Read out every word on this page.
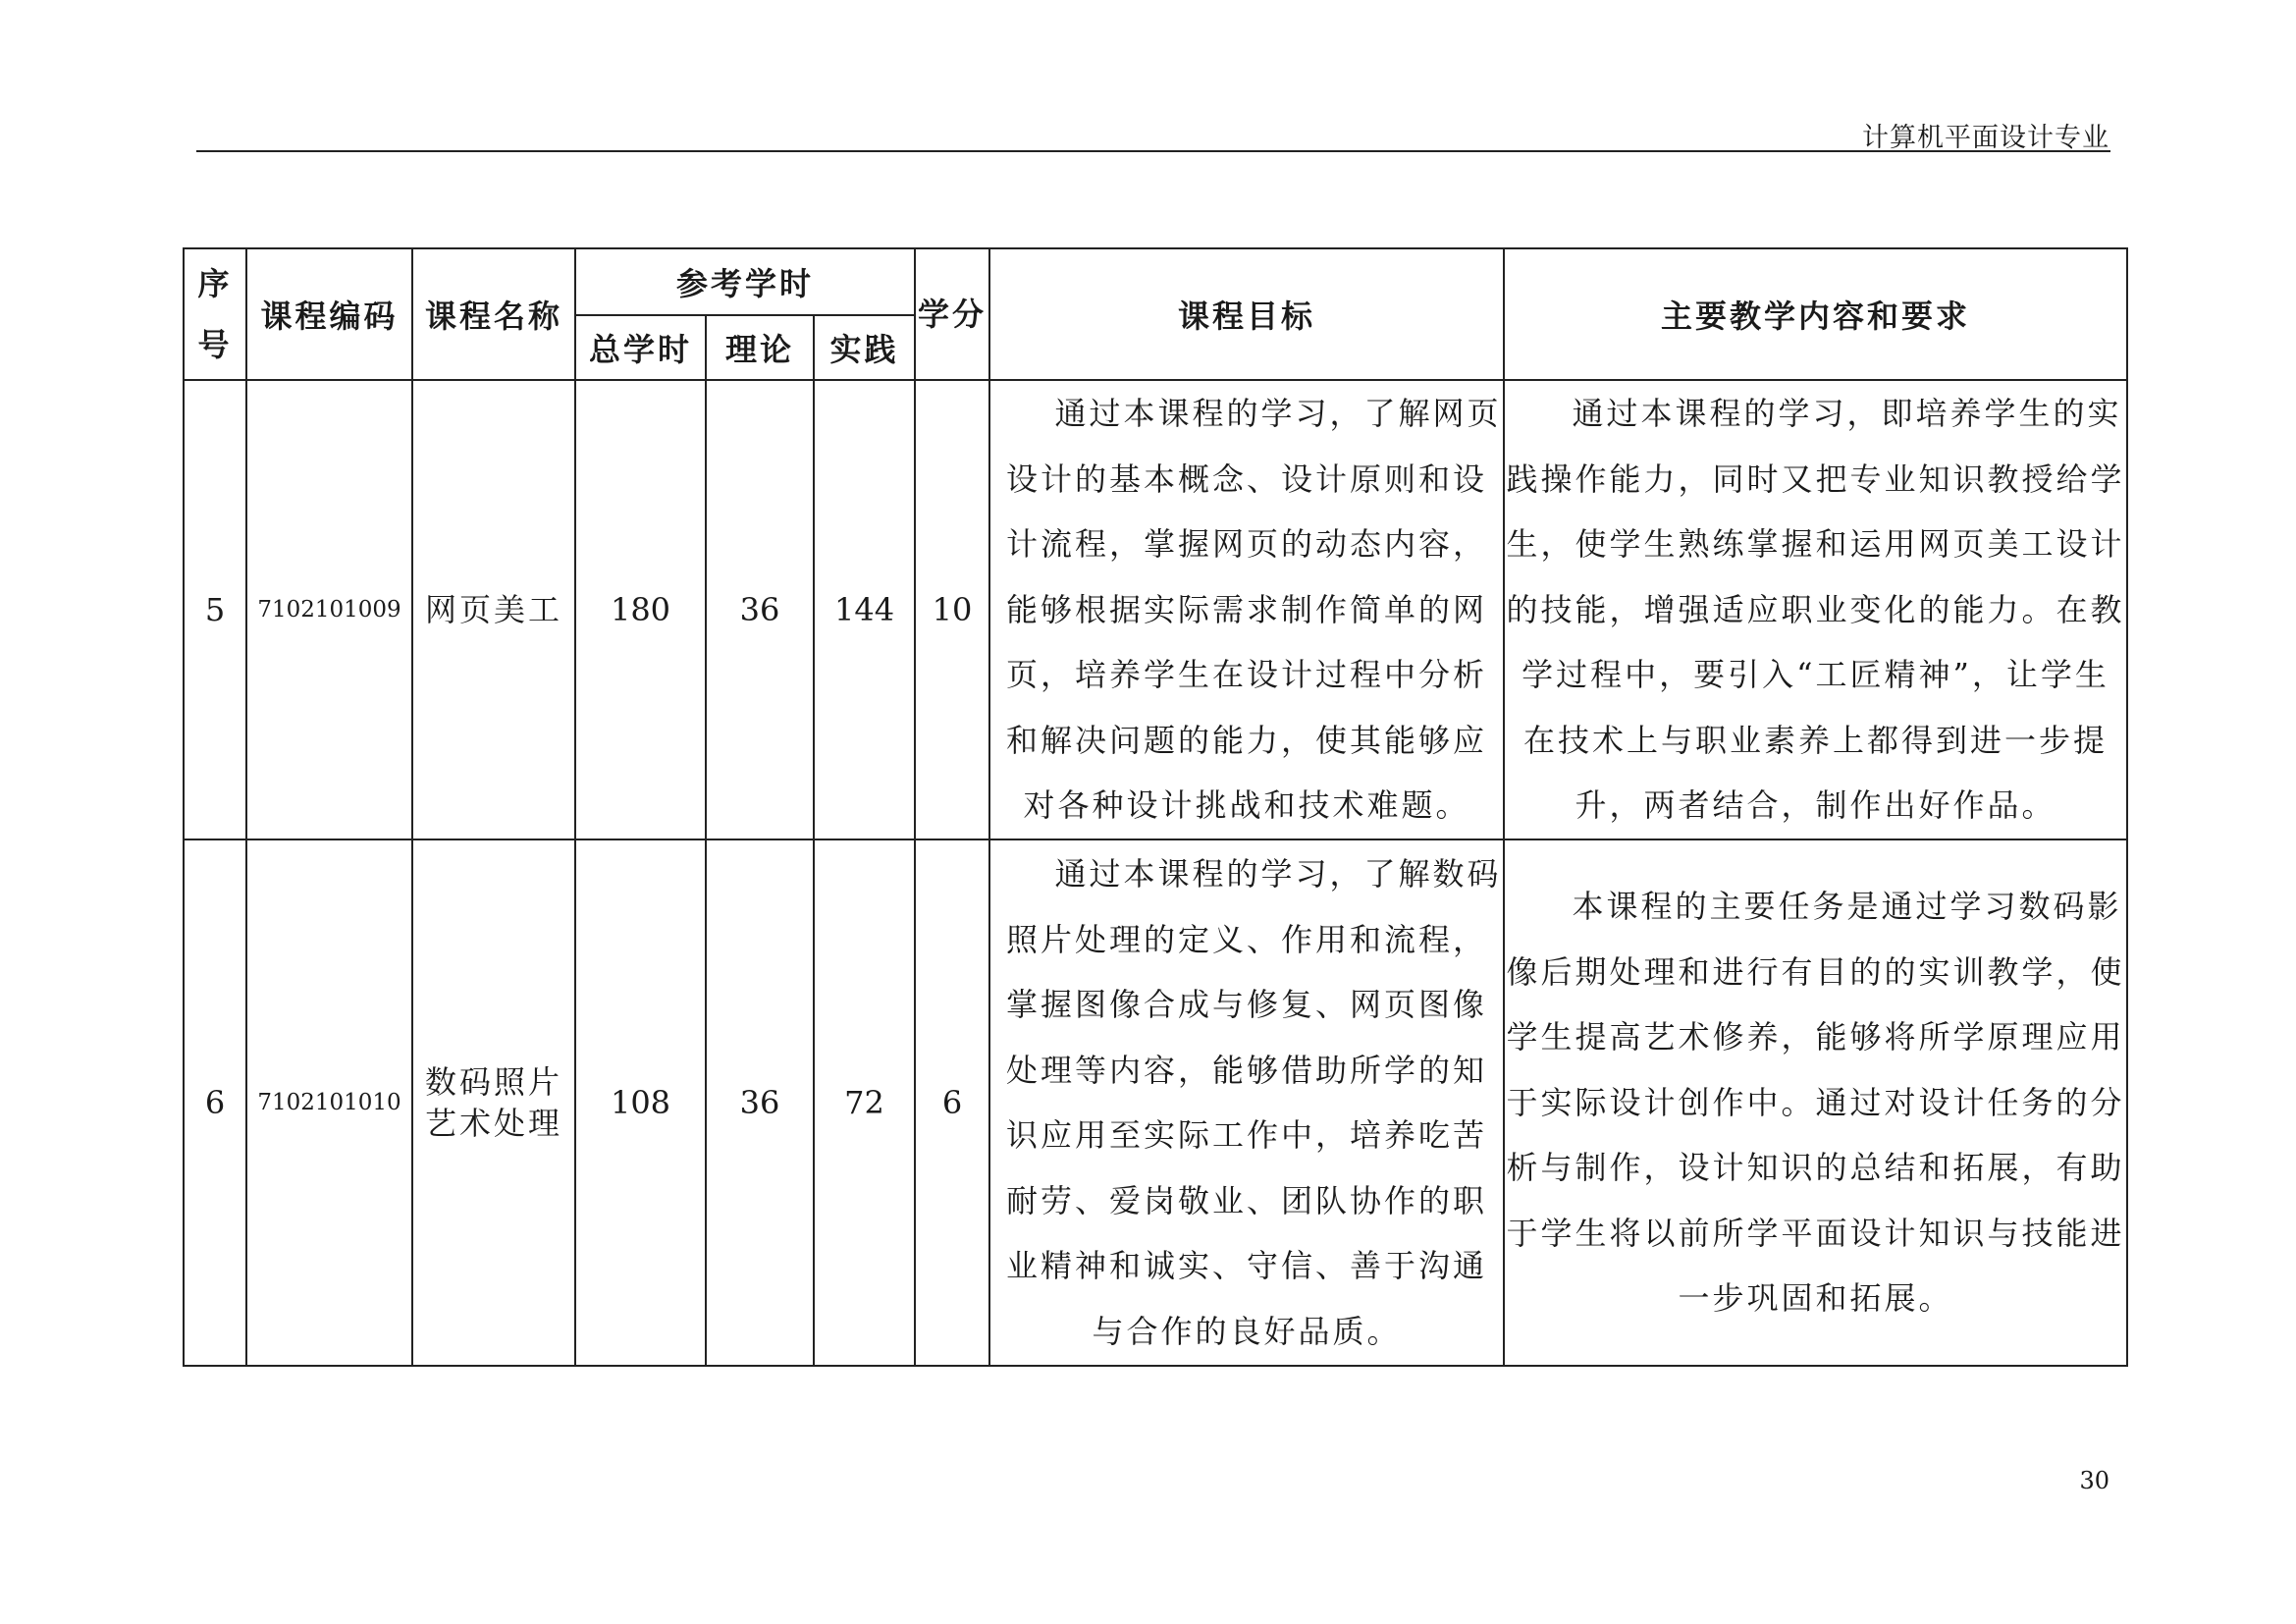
计算机平面设计专业
序号	课程编码	课程名称	参考学时			学分	课程目标	主要教学内容和要求
			总学时	理论	实践			
5	7102101009	网页美工	180	36	144	10	通过本课程的学习，了解网页设计的基本概念、设计原则和设计流程，掌握网页的动态内容，能够根据实际需求制作简单的网页，培养学生在设计过程中分析和解决问题的能力，使其能够应对各种设计挑战和技术难题。	通过本课程的学习，即培养学生的实践操作能力，同时又把专业知识教授给学生，使学生熟练掌握和运用网页美工设计的技能，增强适应职业变化的能力。在教学过程中，要引入“工匠精神”，让学生在技术上与职业素养上都得到进一步提升，两者结合，制作出好作品。
6	7102101010	数码照片艺术处理	108	36	72	6	通过本课程的学习，了解数码照片处理的定义、作用和流程，掌握图像合成与修复、网页图像处理等内容，能够借助所学的知识应用至实际工作中，培养吃苦耐劳、爱岗敬业、团队协作的职业精神和诚实、守信、善于沟通与合作的良好品质。	本课程的主要任务是通过学习数码影像后期处理和进行有目的的实训教学，使学生提高艺术修养，能够将所学原理应用于实际设计创作中。通过对设计任务的分析与制作，设计知识的总结和拓展，有助于学生将以前所学平面设计知识与技能进一步巩固和拓展。
30
